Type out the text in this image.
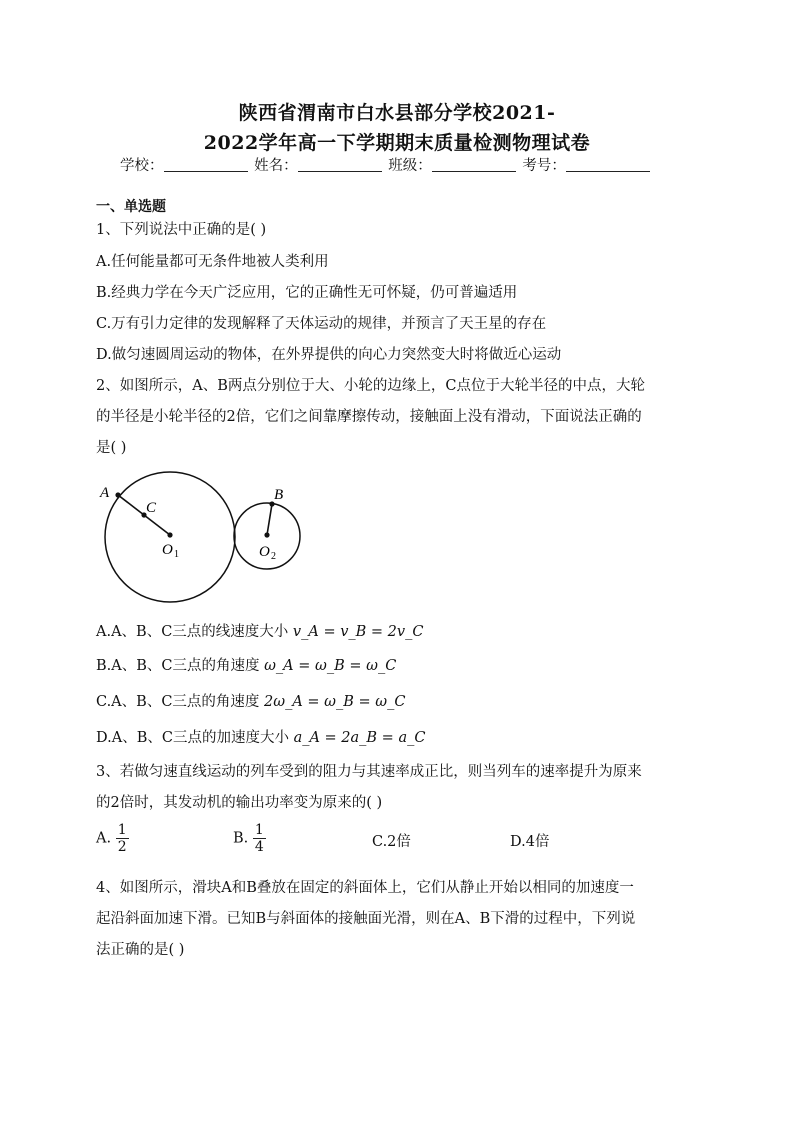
陕西省渭南市白水县部分学校2021-
2022学年高一下学期期末质量检测物理试卷
学校：	姓名：	班级：	考号：
一、单选题
1、下列说法中正确的是( )
A.任何能量都可无条件地被人类利用
B.经典力学在今天广泛应用，它的正确性无可怀疑，仍可普遍适用
C.万有引力定律的发现解释了天体运动的规律，并预言了天王星的存在
D.做匀速圆周运动的物体，在外界提供的向心力突然变大时将做近心运动
2、如图所示，A、B两点分别位于大、小轮的边缘上，C点位于大轮半径的中点，大轮
的半径是小轮半径的2倍，它们之间靠摩擦传动，接触面上没有滑动，下面说法正确的
是( )
A
C
O 1
B
O 2
A.A、B、C三点的线速度大小 v_A = v_B = 2v_C
B.A、B、C三点的角速度 ω_A = ω_B = ω_C
C.A、B、C三点的角速度 2ω_A = ω_B = ω_C
D.A、B、C三点的加速度大小 a_A = 2a_B = a_C
3、若做匀速直线运动的列车受到的阻力与其速率成正比，则当列车的速率提升为原来
的2倍时，其发动机的输出功率变为原来的( )
A. $\frac{1}{2}$	B. $\frac{1}{4}$	C.2倍	D.4倍
4、如图所示，滑块A和B叠放在固定的斜面体上，它们从静止开始以相同的加速度一
起沿斜面加速下滑。已知B与斜面体的接触面光滑，则在A、B下滑的过程中，下列说
法正确的是( )
